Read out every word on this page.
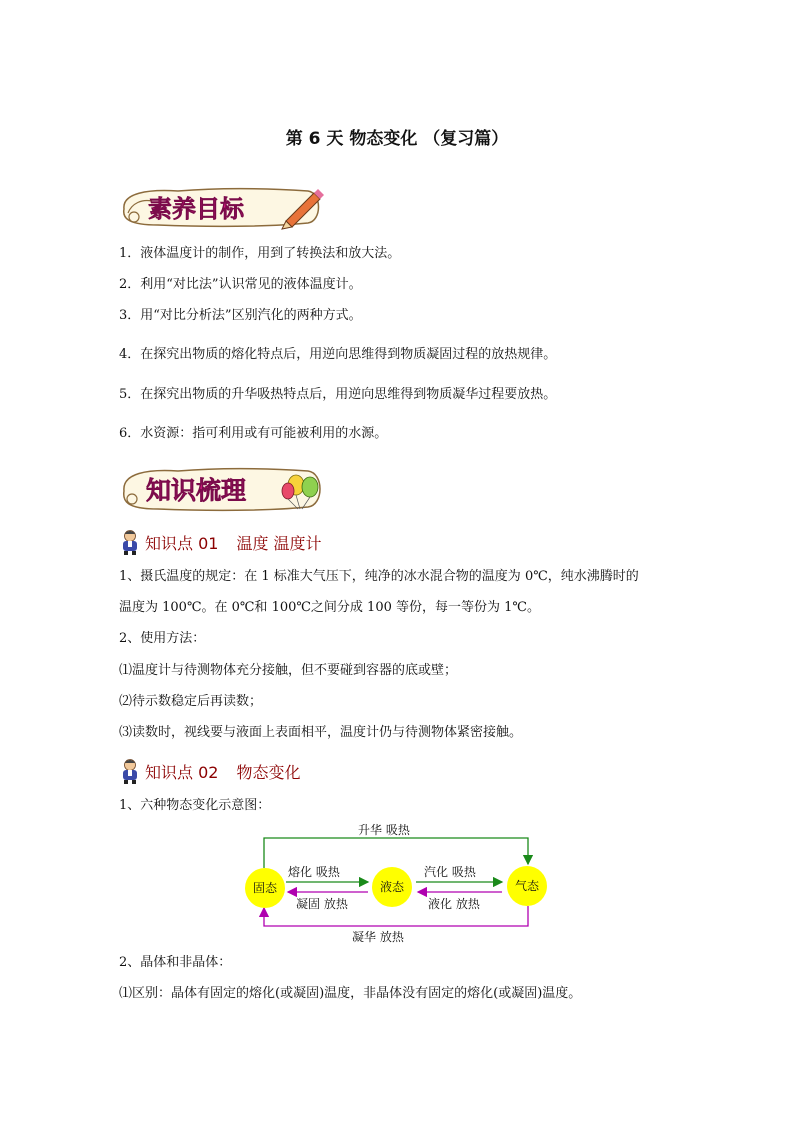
第 6 天 物态变化 （复习篇）
素养目标
1．液体温度计的制作，用到了转换法和放大法。
2．利用“对比法”认识常见的液体温度计。
3．用“对比分析法”区别汽化的两种方式。
4．在探究出物质的熔化特点后，用逆向思维得到物质凝固过程的放热规律。
5．在探究出物质的升华吸热特点后，用逆向思维得到物质凝华过程要放热。
6．水资源：指可利用或有可能被利用的水源。
知识梳理
知识点 01 温度 温度计
1、摄氏温度的规定：在 1 标准大气压下，纯净的冰水混合物的温度为 0℃，纯水沸腾时的
温度为 100℃。在 0℃和 100℃之间分成 100 等份，每一等份为 1℃。
2、使用方法：
⑴温度计与待测物体充分接触，但不要碰到容器的底或壁；
⑵待示数稳定后再读数；
⑶读数时，视线要与液面上表面相平，温度计仍与待测物体紧密接触。
知识点 02 物态变化
1、六种物态变化示意图：
升华 吸热
凝华 放热
熔化 吸热
凝固 放热
汽化 吸热
液化 放热
固态	液态	气态
2、晶体和非晶体：
⑴区别：晶体有固定的熔化(或凝固)温度，非晶体没有固定的熔化(或凝固)温度。
